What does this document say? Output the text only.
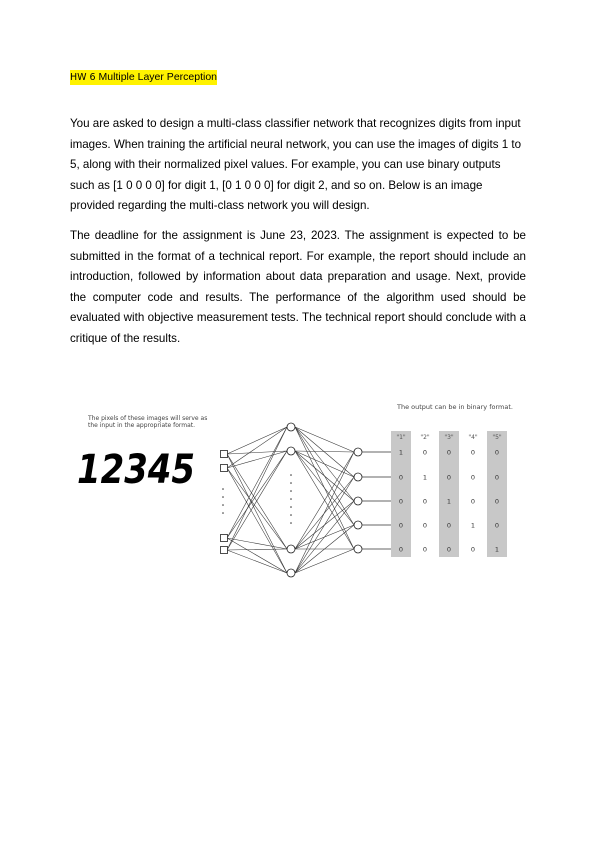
HW 6 Multiple Layer Perception

You are asked to design a multi-class classifier network that recognizes digits from input images. When training the artificial neural network, you can use the images of digits 1 to 5, along with their normalized pixel values. For example, you can use binary outputs such as [1 0 0 0 0] for digit 1, [0 1 0 0 0] for digit 2, and so on. Below is an image provided regarding the multi-class network you will design.

The deadline for the assignment is June 23, 2023. The assignment is expected to be submitted in the format of a technical report. For example, the report should include an introduction, followed by information about data preparation and usage. Next, provide the computer code and results. The performance of the algorithm used should be evaluated with objective measurement tests. The technical report should conclude with a critique of the results.

The pixels of these images will serve as
the input in the appropriate format.
12345
The output can be in binary format.
"1" "2" "3" "4" "5"
1	0	0	0	0
0	1	0	0	0
0	0	1	0	0
0	0	0	1	0
0	0	0	0	1
